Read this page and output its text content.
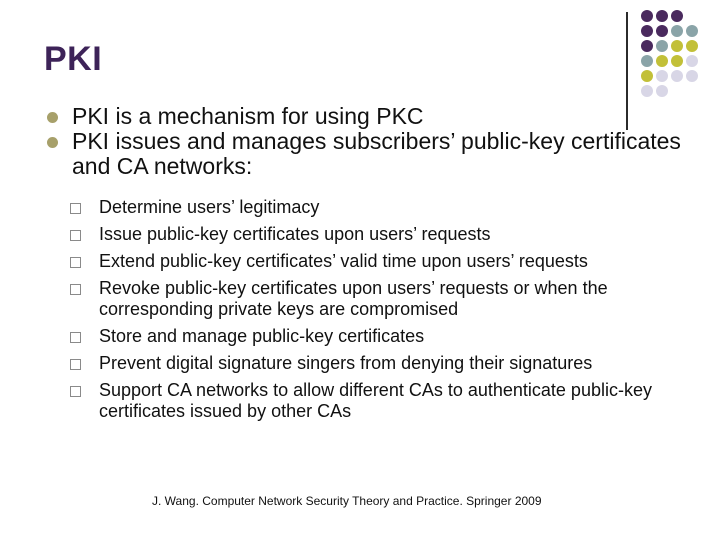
PKI
PKI is a mechanism for using PKC
PKI issues and manages subscribers’ public-key certificates and CA networks:
Determine users’ legitimacy
Issue public-key certificates upon users’ requests
Extend public-key certificates’ valid time upon users’ requests
Revoke public-key certificates upon users’ requests or when the corresponding private keys are compromised
Store and manage public-key certificates
Prevent digital signature singers from denying their signatures
Support CA networks to allow different CAs to authenticate public-key certificates issued by other CAs
J. Wang. Computer Network Security Theory and Practice. Springer 2009
